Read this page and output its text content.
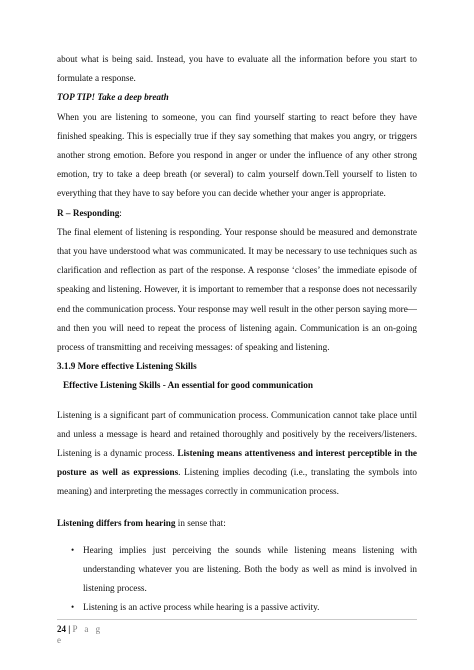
about what is being said. Instead, you have to evaluate all the information before you start to formulate a response.

TOP TIP! Take a deep breath

When you are listening to someone, you can find yourself starting to react before they have finished speaking. This is especially true if they say something that makes you angry, or triggers another strong emotion. Before you respond in anger or under the influence of any other strong emotion, try to take a deep breath (or several) to calm yourself down.Tell yourself to listen to everything that they have to say before you can decide whether your anger is appropriate.

R – Responding:

The final element of listening is responding. Your response should be measured and demonstrate that you have understood what was communicated. It may be necessary to use techniques such as clarification and reflection as part of the response. A response ‘closes’ the immediate episode of speaking and listening. However, it is important to remember that a response does not necessarily end the communication process. Your response may well result in the other person saying more—and then you will need to repeat the process of listening again. Communication is an on-going process of transmitting and receiving messages: of speaking and listening.

3.1.9 More effective Listening Skills

Effective Listening Skills - An essential for good communication

Listening is a significant part of communication process. Communication cannot take place until and unless a message is heard and retained thoroughly and positively by the receivers/listeners. Listening is a dynamic process. Listening means attentiveness and interest perceptible in the posture as well as expressions. Listening implies decoding (i.e., translating the symbols into meaning) and interpreting the messages correctly in communication process.

Listening differs from hearing in sense that:

• Hearing implies just perceiving the sounds while listening means listening with understanding whatever you are listening. Both the body as well as mind is involved in listening process.
• Listening is an active process while hearing is a passive activity.
24 | P a g
e
